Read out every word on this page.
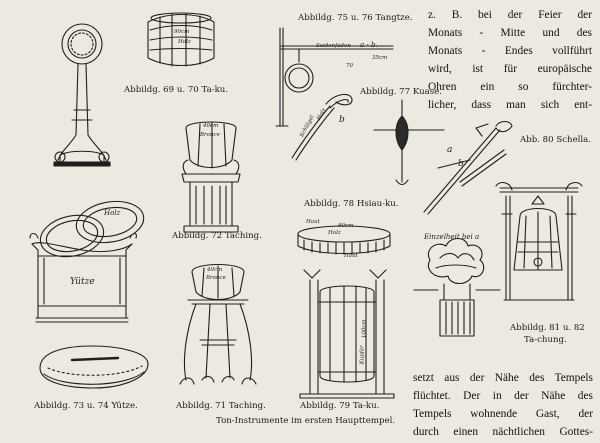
90cm
Holz
Seidenfaden a - b.
35cm
70
Schlägel
Holz b
a
b
40cm
Bronce
Holz
Yütze
90cm
Haut
Holz
Haut
40cm
Bronce
100cm
Kupfer
Einzelheit bei a
Abbildg. 69 u. 70 Ta-ku.
Abbildg. 75 u. 76 Tangtze.
Abbildg. 77 Kuase.
Abb. 80 Schella.
Abbildg. 72 Taching.
Abbildg. 78 Hsiau-ku.
Abbildg. 81 u. 82
Ta-chung.
Abbildg. 73 u. 74 Yütze.	Abbildg. 71 Taching.	Abbildg. 79 Ta-ku.
Ton-Instrumente im ersten Haupttempel.
z. B. bei der Feier der
Monats - Mitte und des
Monats - Endes vollführt
wird, ist für europäische
Ohren ein so fürchter-
licher, dass man sich ent-
setzt aus der Nähe des Tempels
flüchtet. Der in der Nähe des
Tempels wohnende Gast, der
durch einen nächtlichen Gottes-
